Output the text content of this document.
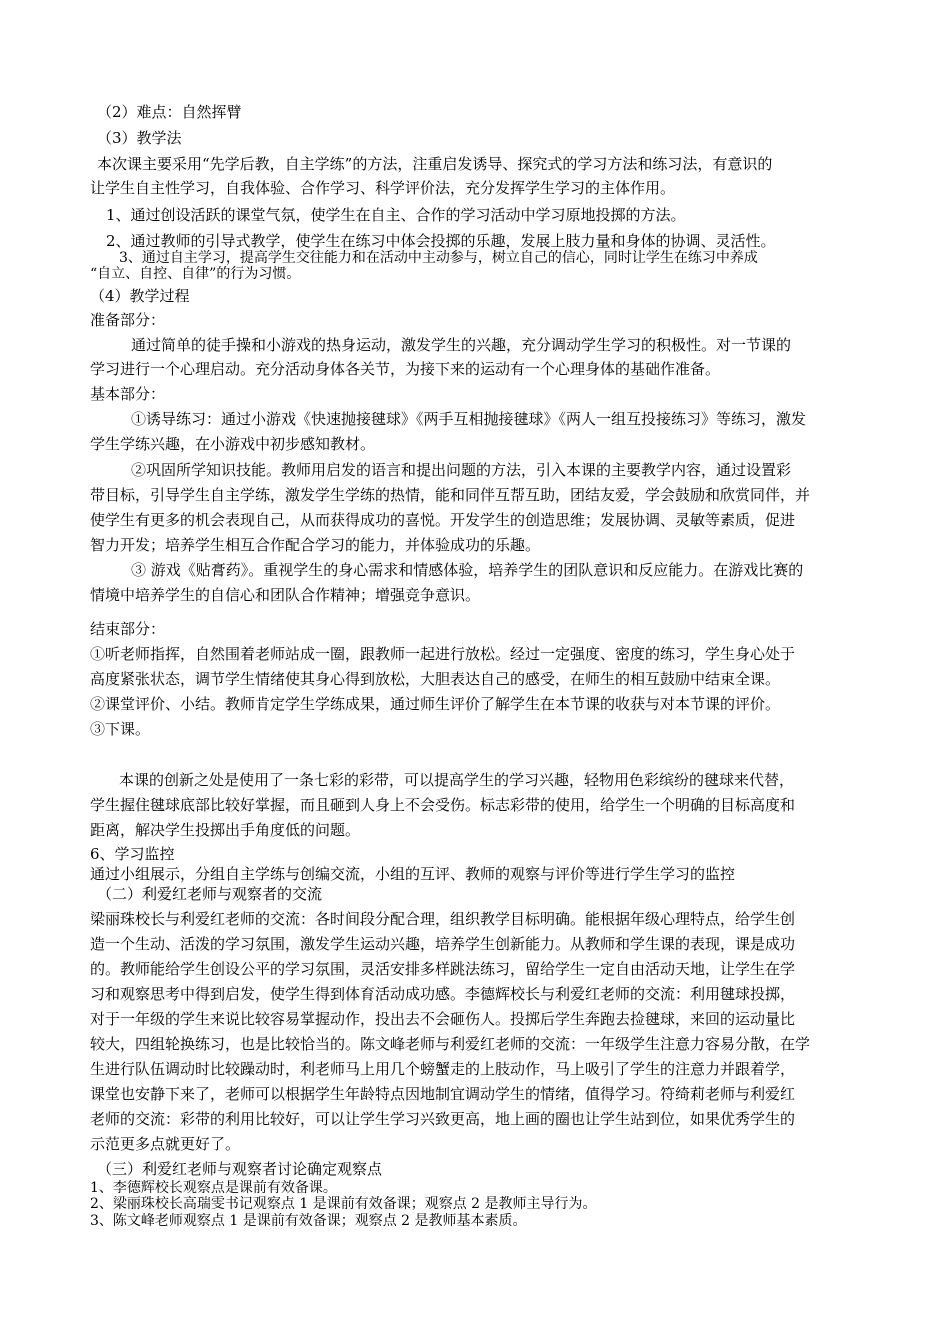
（2）难点：自然挥臂
（3）教学法
本次课主要采用“先学后教，自主学练”的方法，注重启发诱导、探究式的学习方法和练习法，有意识的
让学生自主性学习，自我体验、合作学习、科学评价法，充分发挥学生学习的主体作用。
1、通过创设活跃的课堂气氛，使学生在自主、合作的学习活动中学习原地投掷的方法。
2、通过教师的引导式教学，使学生在练习中体会投掷的乐趣，发展上肢力量和身体的协调、灵活性。
3、通过自主学习，提高学生交往能力和在活动中主动参与，树立自己的信心，同时让学生在练习中养成
“自立、自控、自律”的行为习惯。
（4）教学过程
准备部分：
通过简单的徒手操和小游戏的热身运动，激发学生的兴趣，充分调动学生学习的积极性。对一节课的
学习进行一个心理启动。充分活动身体各关节，为接下来的运动有一个心理身体的基础作准备。
基本部分：
①诱导练习：通过小游戏《快速抛接毽球》《两手互相抛接毽球》《两人一组互投接练习》等练习，激发
学生学练兴趣，在小游戏中初步感知教材。
②巩固所学知识技能。教师用启发的语言和提出问题的方法，引入本课的主要教学内容，通过设置彩
带目标，引导学生自主学练，激发学生学练的热情，能和同伴互帮互助，团结友爱，学会鼓励和欣赏同伴，并
使学生有更多的机会表现自己，从而获得成功的喜悦。开发学生的创造思维；发展协调、灵敏等素质，促进
智力开发；培养学生相互合作配合学习的能力，并体验成功的乐趣。
③ 游戏《贴膏药》。重视学生的身心需求和情感体验，培养学生的团队意识和反应能力。在游戏比赛的
情境中培养学生的自信心和团队合作精神；增强竞争意识。
结束部分：
①听老师指挥，自然围着老师站成一圈，跟教师一起进行放松。经过一定强度、密度的练习，学生身心处于
高度紧张状态，调节学生情绪使其身心得到放松，大胆表达自己的感受，在师生的相互鼓励中结束全课。
②课堂评价、小结。教师肯定学生学练成果，通过师生评价了解学生在本节课的收获与对本节课的评价。
③下课。
本课的创新之处是使用了一条七彩的彩带，可以提高学生的学习兴趣，轻物用色彩缤纷的毽球来代替，
学生握住毽球底部比较好掌握，而且砸到人身上不会受伤。标志彩带的使用，给学生一个明确的目标高度和
距离，解决学生投掷出手角度低的问题。
6、学习监控
通过小组展示，分组自主学练与创编交流，小组的互评、教师的观察与评价等进行学生学习的监控
（二）利爱红老师与观察者的交流
梁丽珠校长与利爱红老师的交流：各时间段分配合理，组织教学目标明确。能根据年级心理特点，给学生创
造一个生动、活泼的学习氛围，激发学生运动兴趣，培养学生创新能力。从教师和学生课的表现，课是成功
的。教师能给学生创设公平的学习氛围，灵活安排多样跳法练习，留给学生一定自由活动天地，让学生在学
习和观察思考中得到启发，使学生得到体育活动成功感。李德辉校长与利爱红老师的交流：利用毽球投掷，
对于一年级的学生来说比较容易掌握动作，投出去不会砸伤人。投掷后学生奔跑去捡毽球，来回的运动量比
较大，四组轮换练习，也是比较恰当的。陈文峰老师与利爱红老师的交流：一年级学生注意力容易分散，在学
生进行队伍调动时比较躁动时，利老师马上用几个螃蟹走的上肢动作，马上吸引了学生的注意力并跟着学，
课堂也安静下来了，老师可以根据学生年龄特点因地制宜调动学生的情绪，值得学习。符绮莉老师与利爱红
老师的交流：彩带的利用比较好，可以让学生学习兴致更高，地上画的圈也让学生站到位，如果优秀学生的
示范更多点就更好了。
（三）利爱红老师与观察者讨论确定观察点
1、李德辉校长观察点是课前有效备课。
2、梁丽珠校长高瑞雯书记观察点 1 是课前有效备课；观察点 2 是教师主导行为。
3、陈文峰老师观察点 1 是课前有效备课；观察点 2 是教师基本素质。
